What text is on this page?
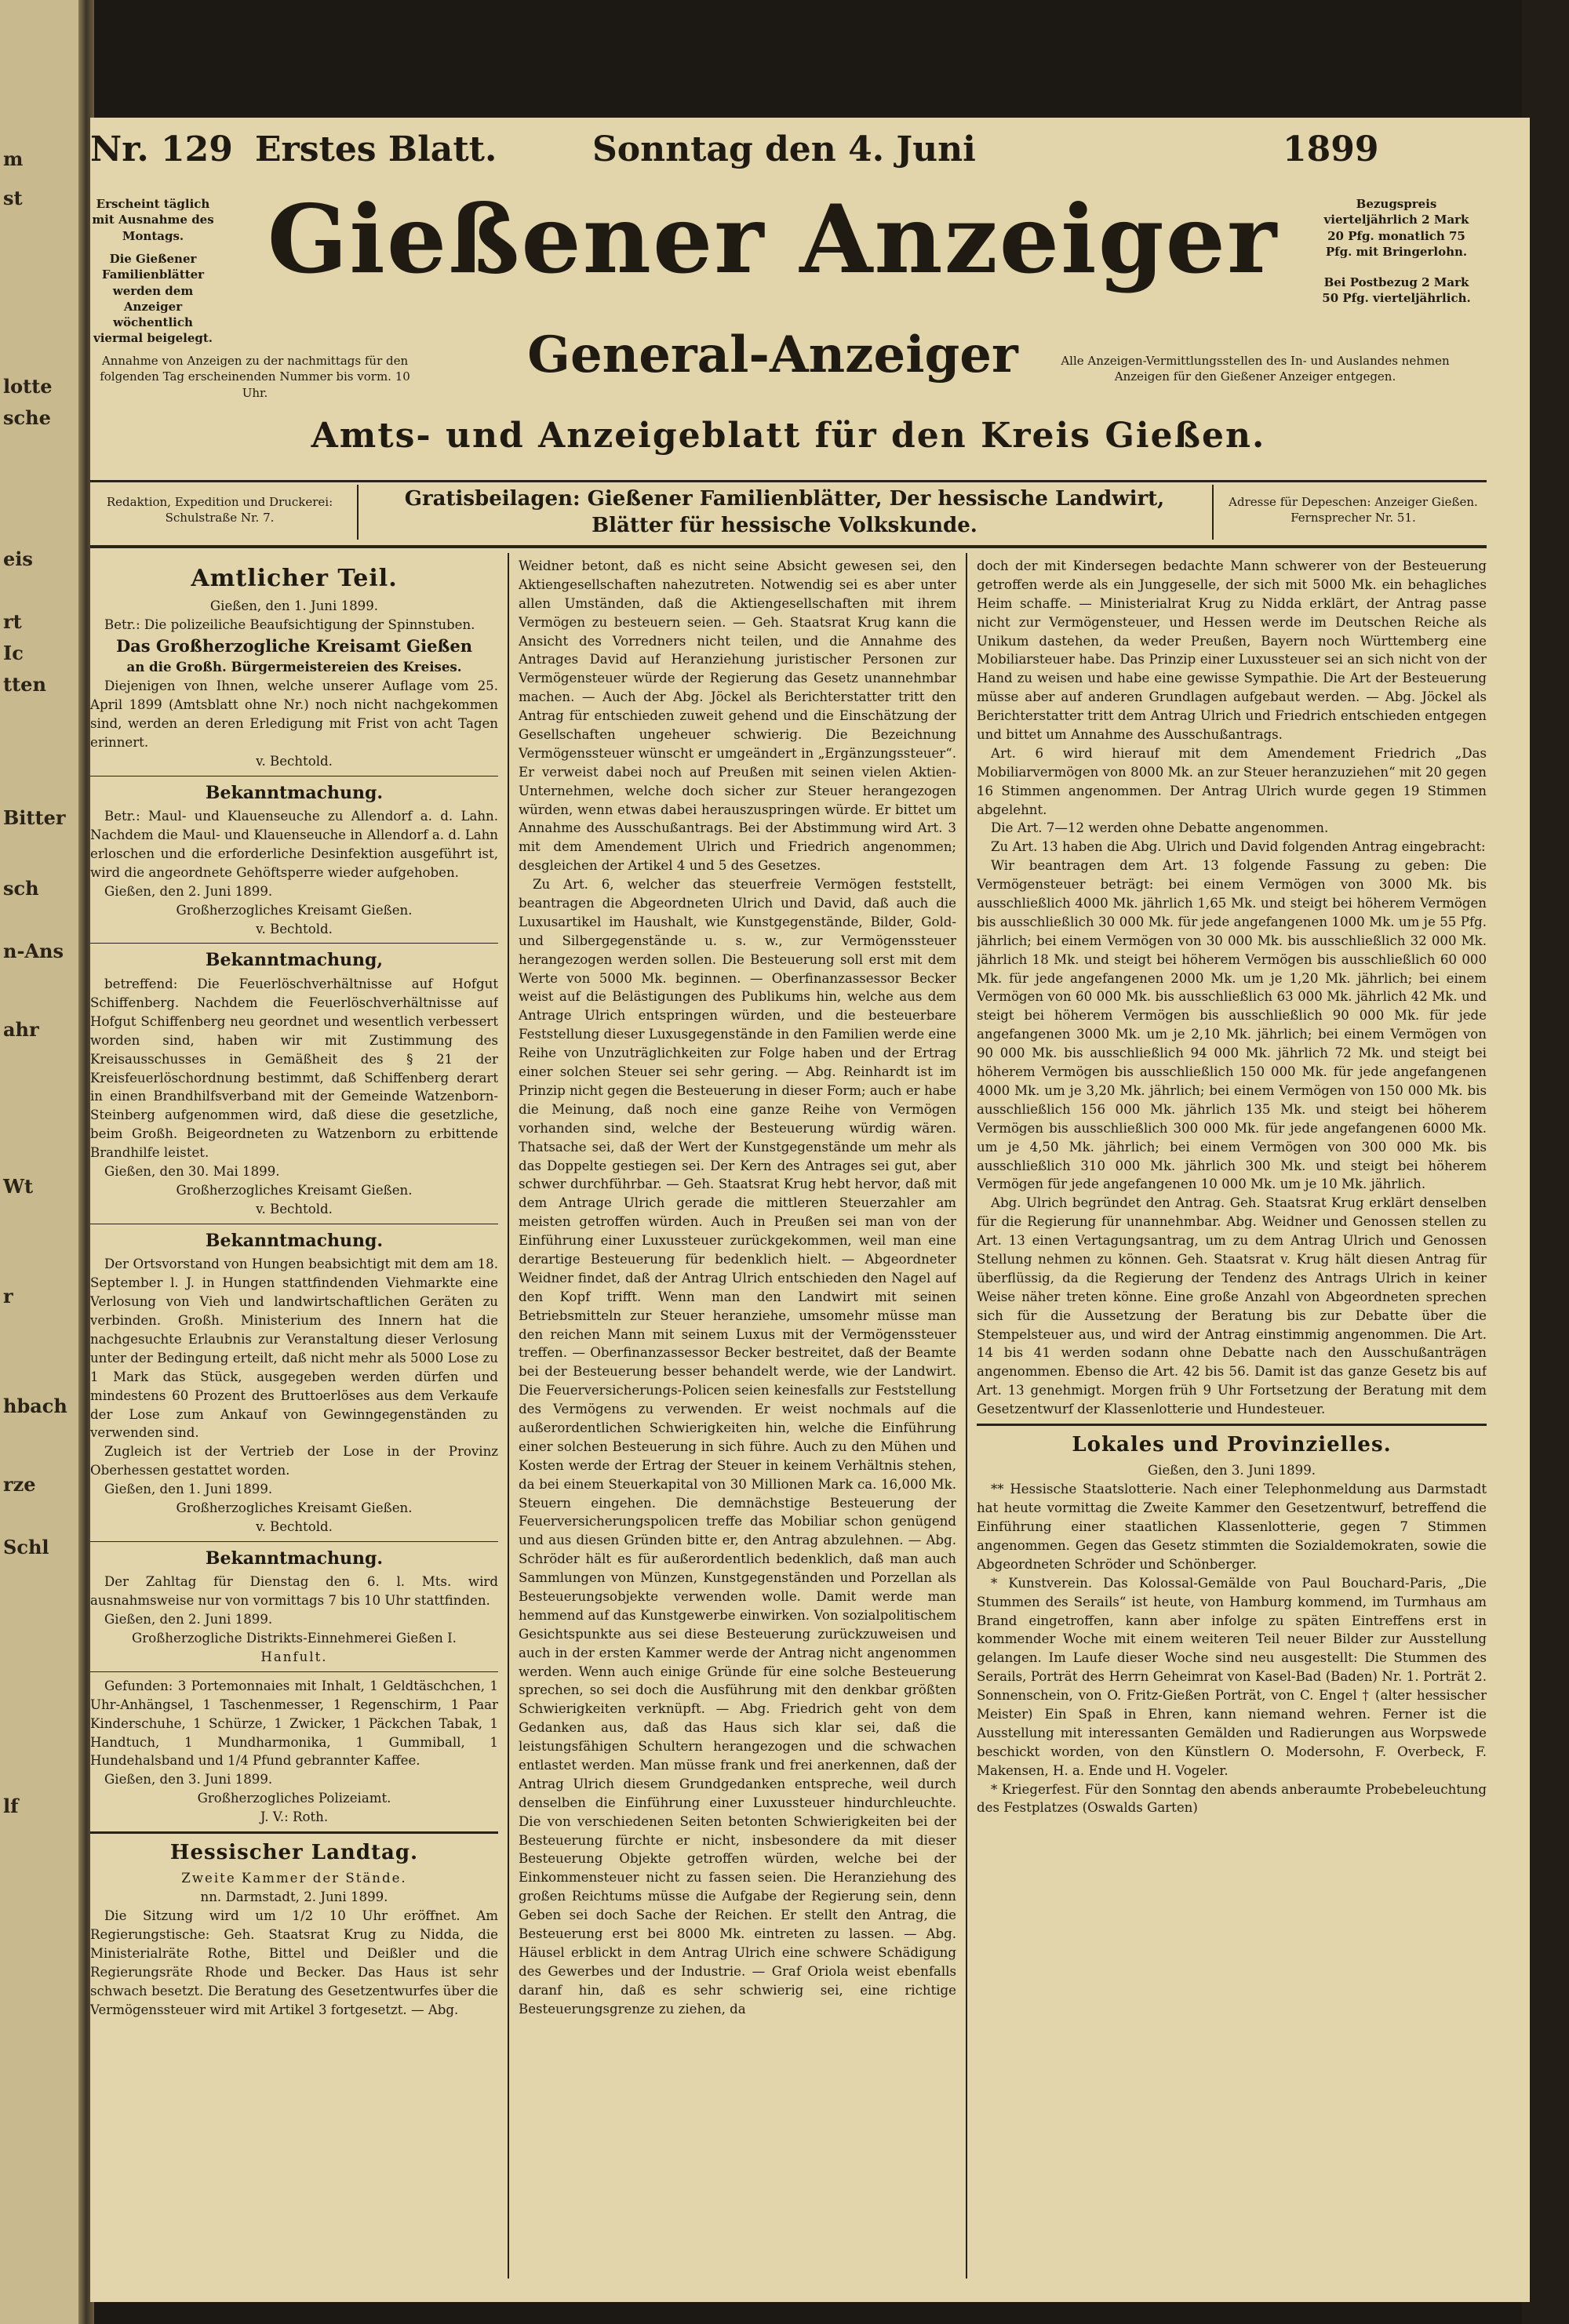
m
st
lotte
sche
eis
rt
Ic
tten
Bitter
sch
n-Ans
ahr
Wt
r
hbach
rze
Schl
lf
Nr. 129 Erstes Blatt.	Sonntag den 4. Juni	1899
Erscheint täglich mit Ausnahme des Montags.
Die Gießener Familienblätter werden dem Anzeiger wöchentlich viermal beigelegt.
Annahme von Anzeigen zu der nachmittags für den folgenden Tag erscheinenden Nummer bis vorm. 10 Uhr.
Bezugspreis vierteljährlich 2 Mark 20 Pfg. monatlich 75 Pfg. mit Bringerlohn.
Bei Postbezug 2 Mark 50 Pfg. vierteljährlich.
Alle Anzeigen-Vermittlungsstellen des In- und Auslandes nehmen Anzeigen für den Gießener Anzeiger entgegen.
Gießener Anzeiger
General-Anzeiger
Amts- und Anzeigeblatt für den Kreis Gießen.
Redaktion, Expedition und Druckerei: Schulstraße Nr. 7.
Gratisbeilagen: Gießener Familienblätter, Der hessische Landwirt, Blätter für hessische Volkskunde.
Adresse für Depeschen: Anzeiger Gießen. Fernsprecher Nr. 51.
Amtlicher Teil.
Gießen, den 1. Juni 1899.

Betr.: Die polizeiliche Beaufsichtigung der Spinnstuben.

Das Großherzogliche Kreisamt Gießen
an die Großh. Bürgermeistereien des Kreises.

Diejenigen von Ihnen, welche unserer Auflage vom 25. April 1899 (Amtsblatt ohne Nr.) noch nicht nachgekommen sind, werden an deren Erledigung mit Frist von acht Tagen erinnert.

v. Bechtold.
Bekanntmachung.

Betr.: Maul- und Klauenseuche zu Allendorf a. d. Lahn. Nachdem die Maul- und Klauenseuche in Allendorf a. d. Lahn erloschen und die erforderliche Desinfektion ausgeführt ist, wird die angeordnete Gehöftsperre wieder aufgehoben.

Gießen, den 2. Juni 1899.

Großherzogliches Kreisamt Gießen.
v. Bechtold.
Bekanntmachung,

betreffend: Die Feuerlöschverhältnisse auf Hofgut Schiffenberg. Nachdem die Feuerlöschverhältnisse auf Hofgut Schiffenberg neu geordnet und wesentlich verbessert worden sind, haben wir mit Zustimmung des Kreisausschusses in Gemäßheit des § 21 der Kreisfeuerlöschordnung bestimmt, daß Schiffenberg derart in einen Brandhilfsverband mit der Gemeinde Watzenborn-Steinberg aufgenommen wird, daß diese die gesetzliche, beim Großh. Beigeordneten zu Watzenborn zu erbittende Brandhilfe leistet.

Gießen, den 30. Mai 1899.

Großherzogliches Kreisamt Gießen.
v. Bechtold.
Bekanntmachung.

Der Ortsvorstand von Hungen beabsichtigt mit dem am 18. September l. J. in Hungen stattfindenden Viehmarkte eine Verlosung von Vieh und landwirtschaftlichen Geräten zu verbinden. Großh. Ministerium des Innern hat die nachgesuchte Erlaubnis zur Veranstaltung dieser Verlosung unter der Bedingung erteilt, daß nicht mehr als 5000 Lose zu 1 Mark das Stück, ausgegeben werden dürfen und mindestens 60 Prozent des Bruttoerlöses aus dem Verkaufe der Lose zum Ankauf von Gewinngegenständen zu verwenden sind.

Zugleich ist der Vertrieb der Lose in der Provinz Oberhessen gestattet worden.

Gießen, den 1. Juni 1899.

Großherzogliches Kreisamt Gießen.
v. Bechtold.
Bekanntmachung.

Der Zahltag für Dienstag den 6. l. Mts. wird ausnahmsweise nur von vormittags 7 bis 10 Uhr stattfinden.

Gießen, den 2. Juni 1899.

Großherzogliche Distrikts-Einnehmerei Gießen I.
Hanfult.

Gefunden: 3 Portemonnaies mit Inhalt, 1 Geldtäschchen, 1 Uhr-Anhängsel, 1 Taschenmesser, 1 Regenschirm, 1 Paar Kinderschuhe, 1 Schürze, 1 Zwicker, 1 Päckchen Tabak, 1 Handtuch, 1 Mundharmonika, 1 Gummiball, 1 Hundehalsband und 1/4 Pfund gebrannter Kaffee.

Gießen, den 3. Juni 1899.

Großherzogliches Polizeiamt.
J. V.: Roth.
Hessischer Landtag.
Zweite Kammer der Stände.
nn. Darmstadt, 2. Juni 1899.

Die Sitzung wird um 1/2 10 Uhr eröffnet. Am Regierungstische: Geh. Staatsrat Krug zu Nidda, die Ministerialräte Rothe, Bittel und Deißler und die Regierungsräte Rhode und Becker. Das Haus ist sehr schwach besetzt. Die Beratung des Gesetzentwurfes über die Vermögenssteuer wird mit Artikel 3 fortgesetzt. — Abg.

Weidner betont, daß es nicht seine Absicht gewesen sei, den Aktiengesellschaften nahezutreten. Notwendig sei es aber unter allen Umständen, daß die Aktiengesellschaften mit ihrem Vermögen zu besteuern seien. — Geh. Staatsrat Krug kann die Ansicht des Vorredners nicht teilen, und die Annahme des Antrages David auf Heranziehung juristischer Personen zur Vermögensteuer würde der Regierung das Gesetz unannehmbar machen. — Auch der Abg. Jöckel als Berichterstatter tritt den Antrag für entschieden zuweit gehend und die Einschätzung der Gesellschaften ungeheuer schwierig. Die Bezeichnung Vermögenssteuer wünscht er umgeändert in „Ergänzungssteuer“. Er verweist dabei noch auf Preußen mit seinen vielen Aktien-Unternehmen, welche doch sicher zur Steuer herangezogen würden, wenn etwas dabei herauszuspringen würde. Er bittet um Annahme des Ausschußantrags. Bei der Abstimmung wird Art. 3 mit dem Amendement Ulrich und Friedrich angenommen; desgleichen der Artikel 4 und 5 des Gesetzes.

Zu Art. 6, welcher das steuerfreie Vermögen feststellt, beantragen die Abgeordneten Ulrich und David, daß auch die Luxusartikel im Haushalt, wie Kunstgegenstände, Bilder, Gold- und Silbergegenstände u. s. w., zur Vermögenssteuer herangezogen werden sollen. Die Besteuerung soll erst mit dem Werte von 5000 Mk. beginnen. — Oberfinanzassessor Becker weist auf die Belästigungen des Publikums hin, welche aus dem Antrage Ulrich entspringen würden, und die besteuerbare Feststellung dieser Luxusgegenstände in den Familien werde eine Reihe von Unzuträglichkeiten zur Folge haben und der Ertrag einer solchen Steuer sei sehr gering. — Abg. Reinhardt ist im Prinzip nicht gegen die Besteuerung in dieser Form; auch er habe die Meinung, daß noch eine ganze Reihe von Vermögen vorhanden sind, welche der Besteuerung würdig wären. Thatsache sei, daß der Wert der Kunstgegenstände um mehr als das Doppelte gestiegen sei. Der Kern des Antrages sei gut, aber schwer durchführbar. — Geh. Staatsrat Krug hebt hervor, daß mit dem Antrage Ulrich gerade die mittleren Steuerzahler am meisten getroffen würden. Auch in Preußen sei man von der Einführung einer Luxussteuer zurückgekommen, weil man eine derartige Besteuerung für bedenklich hielt. — Abgeordneter Weidner findet, daß der Antrag Ulrich entschieden den Nagel auf den Kopf trifft. Wenn man den Landwirt mit seinen Betriebsmitteln zur Steuer heranziehe, umsomehr müsse man den reichen Mann mit seinem Luxus mit der Vermögenssteuer treffen. — Oberfinanzassessor Becker bestreitet, daß der Beamte bei der Besteuerung besser behandelt werde, wie der Landwirt. Die Feuerversicherungs-Policen seien keinesfalls zur Feststellung des Vermögens zu verwenden. Er weist nochmals auf die außerordentlichen Schwierigkeiten hin, welche die Einführung einer solchen Besteuerung in sich führe. Auch zu den Mühen und Kosten werde der Ertrag der Steuer in keinem Verhältnis stehen, da bei einem Steuerkapital von 30 Millionen Mark ca. 16,000 Mk. Steuern eingehen. Die demnächstige Besteuerung der Feuerversicherungspolicen treffe das Mobiliar schon genügend und aus diesen Gründen bitte er, den Antrag abzulehnen. — Abg. Schröder hält es für außerordentlich bedenklich, daß man auch Sammlungen von Münzen, Kunstgegenständen und Porzellan als Besteuerungsobjekte verwenden wolle. Damit werde man hemmend auf das Kunstgewerbe einwirken. Von sozialpolitischem Gesichtspunkte aus sei diese Besteuerung zurückzuweisen und auch in der ersten Kammer werde der Antrag nicht angenommen werden. Wenn auch einige Gründe für eine solche Besteuerung sprechen, so sei doch die Ausführung mit den denkbar größten Schwierigkeiten verknüpft. — Abg. Friedrich geht von dem Gedanken aus, daß das Haus sich klar sei, daß die leistungsfähigen Schultern herangezogen und die schwachen entlastet werden. Man müsse frank und frei anerkennen, daß der Antrag Ulrich diesem Grundgedanken entspreche, weil durch denselben die Einführung einer Luxussteuer hindurchleuchte. Die von verschiedenen Seiten betonten Schwierigkeiten bei der Besteuerung fürchte er nicht, insbesondere da mit dieser Besteuerung Objekte getroffen würden, welche bei der Einkommensteuer nicht zu fassen seien. Die Heranziehung des großen Reichtums müsse die Aufgabe der Regierung sein, denn Geben sei doch Sache der Reichen. Er stellt den Antrag, die Besteuerung erst bei 8000 Mk. eintreten zu lassen. — Abg. Häusel erblickt in dem Antrag Ulrich eine schwere Schädigung des Gewerbes und der Industrie. — Graf Oriola weist ebenfalls daranf hin, daß es sehr schwierig sei, eine richtige Besteuerungsgrenze zu ziehen, da

doch der mit Kindersegen bedachte Mann schwerer von der Besteuerung getroffen werde als ein Junggeselle, der sich mit 5000 Mk. ein behagliches Heim schaffe. — Ministerialrat Krug zu Nidda erklärt, der Antrag passe nicht zur Vermögensteuer, und Hessen werde im Deutschen Reiche als Unikum dastehen, da weder Preußen, Bayern noch Württemberg eine Mobiliarsteuer habe. Das Prinzip einer Luxussteuer sei an sich nicht von der Hand zu weisen und habe eine gewisse Sympathie. Die Art der Besteuerung müsse aber auf anderen Grundlagen aufgebaut werden. — Abg. Jöckel als Berichterstatter tritt dem Antrag Ulrich und Friedrich entschieden entgegen und bittet um Annahme des Ausschußantrags.

Art. 6 wird hierauf mit dem Amendement Friedrich „Das Mobiliarvermögen von 8000 Mk. an zur Steuer heranzuziehen“ mit 20 gegen 16 Stimmen angenommen. Der Antrag Ulrich wurde gegen 19 Stimmen abgelehnt.

Die Art. 7—12 werden ohne Debatte angenommen.

Zu Art. 13 haben die Abg. Ulrich und David folgenden Antrag eingebracht:

Wir beantragen dem Art. 13 folgende Fassung zu geben: Die Vermögensteuer beträgt: bei einem Vermögen von 3000 Mk. bis ausschließlich 4000 Mk. jährlich 1,65 Mk. und steigt bei höherem Vermögen bis ausschließlich 30 000 Mk. für jede angefangenen 1000 Mk. um je 55 Pfg. jährlich; bei einem Vermögen von 30 000 Mk. bis ausschließlich 32 000 Mk. jährlich 18 Mk. und steigt bei höherem Vermögen bis ausschließlich 60 000 Mk. für jede angefangenen 2000 Mk. um je 1,20 Mk. jährlich; bei einem Vermögen von 60 000 Mk. bis ausschließlich 63 000 Mk. jährlich 42 Mk. und steigt bei höherem Vermögen bis ausschließlich 90 000 Mk. für jede angefangenen 3000 Mk. um je 2,10 Mk. jährlich; bei einem Vermögen von 90 000 Mk. bis ausschließlich 94 000 Mk. jährlich 72 Mk. und steigt bei höherem Vermögen bis ausschließlich 150 000 Mk. für jede angefangenen 4000 Mk. um je 3,20 Mk. jährlich; bei einem Vermögen von 150 000 Mk. bis ausschließlich 156 000 Mk. jährlich 135 Mk. und steigt bei höherem Vermögen bis ausschließlich 300 000 Mk. für jede angefangenen 6000 Mk. um je 4,50 Mk. jährlich; bei einem Vermögen von 300 000 Mk. bis ausschließlich 310 000 Mk. jährlich 300 Mk. und steigt bei höherem Vermögen für jede angefangenen 10 000 Mk. um je 10 Mk. jährlich.

Abg. Ulrich begründet den Antrag. Geh. Staatsrat Krug erklärt denselben für die Regierung für unannehmbar. Abg. Weidner und Genossen stellen zu Art. 13 einen Vertagungsantrag, um zu dem Antrag Ulrich und Genossen Stellung nehmen zu können. Geh. Staatsrat v. Krug hält diesen Antrag für überflüssig, da die Regierung der Tendenz des Antrags Ulrich in keiner Weise näher treten könne. Eine große Anzahl von Abgeordneten sprechen sich für die Aussetzung der Beratung bis zur Debatte über die Stempelsteuer aus, und wird der Antrag einstimmig angenommen. Die Art. 14 bis 41 werden sodann ohne Debatte nach den Ausschußanträgen angenommen. Ebenso die Art. 42 bis 56. Damit ist das ganze Gesetz bis auf Art. 13 genehmigt. Morgen früh 9 Uhr Fortsetzung der Beratung mit dem Gesetzentwurf der Klassenlotterie und Hundesteuer.

Lokales und Provinzielles.
Gießen, den 3. Juni 1899.

** Hessische Staatslotterie. Nach einer Telephonmeldung aus Darmstadt hat heute vormittag die Zweite Kammer den Gesetzentwurf, betreffend die Einführung einer staatlichen Klassenlotterie, gegen 7 Stimmen angenommen. Gegen das Gesetz stimmten die Sozialdemokraten, sowie die Abgeordneten Schröder und Schönberger.

* Kunstverein. Das Kolossal-Gemälde von Paul Bouchard-Paris, „Die Stummen des Serails“ ist heute, von Hamburg kommend, im Turmhaus am Brand eingetroffen, kann aber infolge zu späten Eintreffens erst in kommender Woche mit einem weiteren Teil neuer Bilder zur Ausstellung gelangen. Im Laufe dieser Woche sind neu ausgestellt: Die Stummen des Serails, Porträt des Herrn Geheimrat von Kasel-Bad (Baden) Nr. 1. Porträt 2. Sonnenschein, von O. Fritz-Gießen Porträt, von C. Engel † (alter hessischer Meister) Ein Spaß in Ehren, kann niemand wehren. Ferner ist die Ausstellung mit interessanten Gemälden und Radierungen aus Worpswede beschickt worden, von den Künstlern O. Modersohn, F. Overbeck, F. Makensen, H. a. Ende und H. Vogeler.

* Kriegerfest. Für den Sonntag den abends anberaumte Probebeleuchtung des Festplatzes (Oswalds Garten)
